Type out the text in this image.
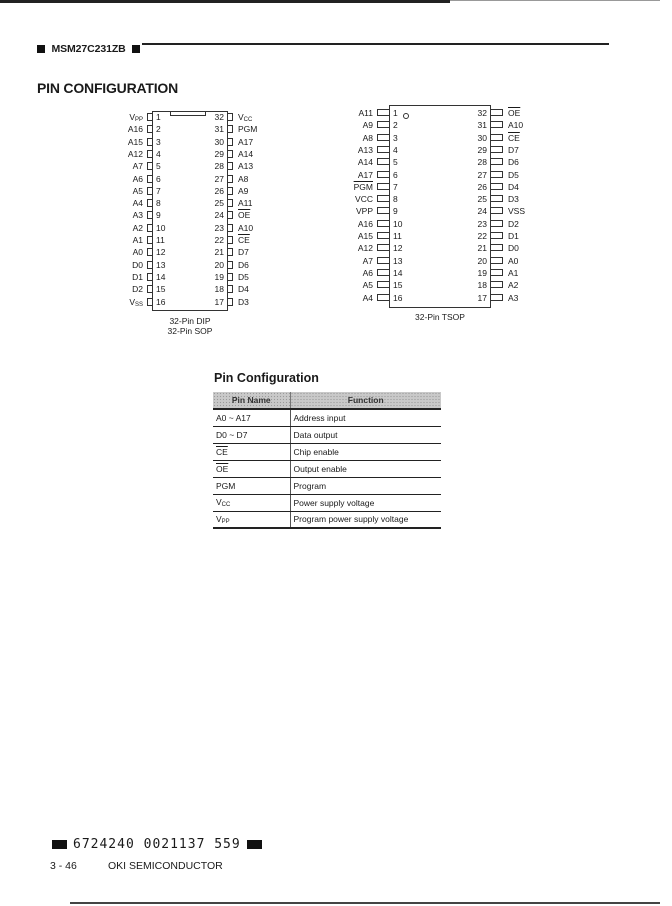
MSM27C231ZB
PIN CONFIGURATION
32-Pin DIP
32-Pin SOP
1
$V_{PP}$
2
A16
3
A15
4
A12
5
A7
6
A6
7
A5
8
A4
9
A3
10
A2
11
A1
12
A0
13
D0
14
D1
15
D2
16
$V_{SS}$
32 $V_{CC}$
31 PGM
30 A17
29 A14
28 A13
27 A8
26 A9
25 A11
24 $\overline{OE}$
23 A10
22 $\overline{CE}$
21 D7
20 D6
19 D5
18 D4
17 D3
32-Pin TSOP
1
A11
2
A9
3
A8
4
A13
5
A14
6
A17
7
$\overline{PGM}$
8
VCC
9
VPP
10
A16
11
A15
12
A12
13
A7
14
A6
15
A5
16
A4
32 $\overline{OE}$
31 A10
30 $\overline{CE}$
29 D7
28 D6
27 D5
26 D4
25 D3
24 VSS
23 D2
22 D1
21 D0
20 A0
19 A1
18 A2
17 A3
Pin Configuration
Pin Name	Function
A0 ~ A17	Address input
D0 ~ D7	Data output
$\overline{CE}$	Chip enable
$\overline{OE}$	Output enable
PGM	Program
$V_{CC}$	Power supply voltage
$V_{PP}$	Program power supply voltage
6724240 0021137 559
3 - 46	OKI SEMICONDUCTOR
